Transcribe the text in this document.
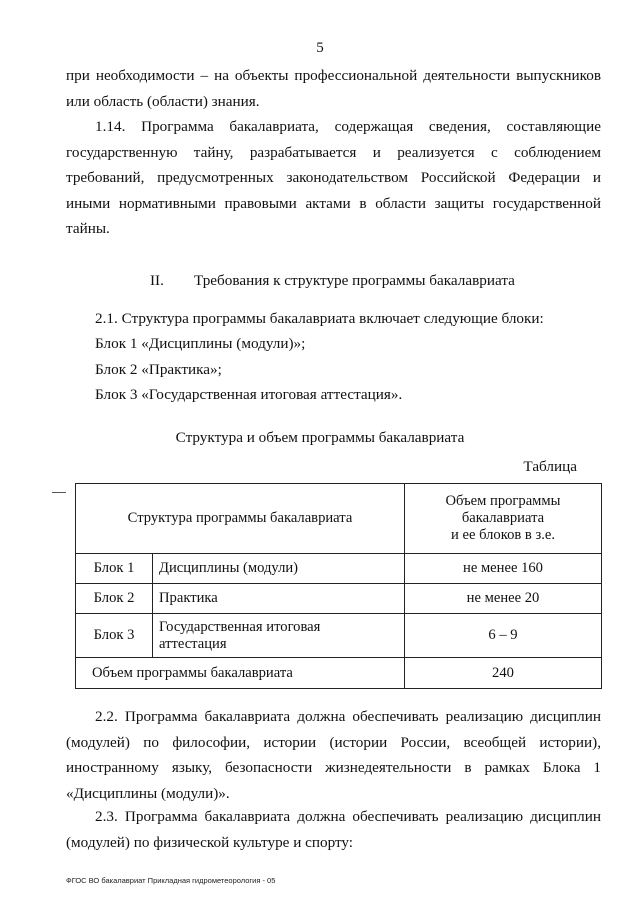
5
при необходимости – на объекты профессиональной деятельности выпускников или область (области) знания.
1.14. Программа бакалавриата, содержащая сведения, составляющие государственную тайну, разрабатывается и реализуется с соблюдением требований, предусмотренных законодательством Российской Федерации и иными нормативными правовыми актами в области защиты государственной тайны.
II. Требования к структуре программы бакалавриата
2.1. Структура программы бакалавриата включает следующие блоки:
Блок 1 «Дисциплины (модули)»;
Блок 2 «Практика»;
Блок 3 «Государственная итоговая аттестация».
Структура и объем программы бакалавриата
Таблица
Структура программы бакалавриата		Объем программы
бакалавриата
и ее блоков в з.е.

Блок 1	Дисциплины (модули)	не менее 160
Блок 2	Практика	не менее 20
Блок 3	Государственная итоговая
аттестация	6 – 9
Объем программы бакалавриата		240
2.2. Программа бакалавриата должна обеспечивать реализацию дисциплин (модулей) по философии, истории (истории России, всеобщей истории), иностранному языку, безопасности жизнедеятельности в рамках Блока 1 «Дисциплины (модули)».
2.3. Программа бакалавриата должна обеспечивать реализацию дисциплин (модулей) по физической культуре и спорту:
ФГОС ВО бакалавриат Прикладная гидрометеорология - 05
